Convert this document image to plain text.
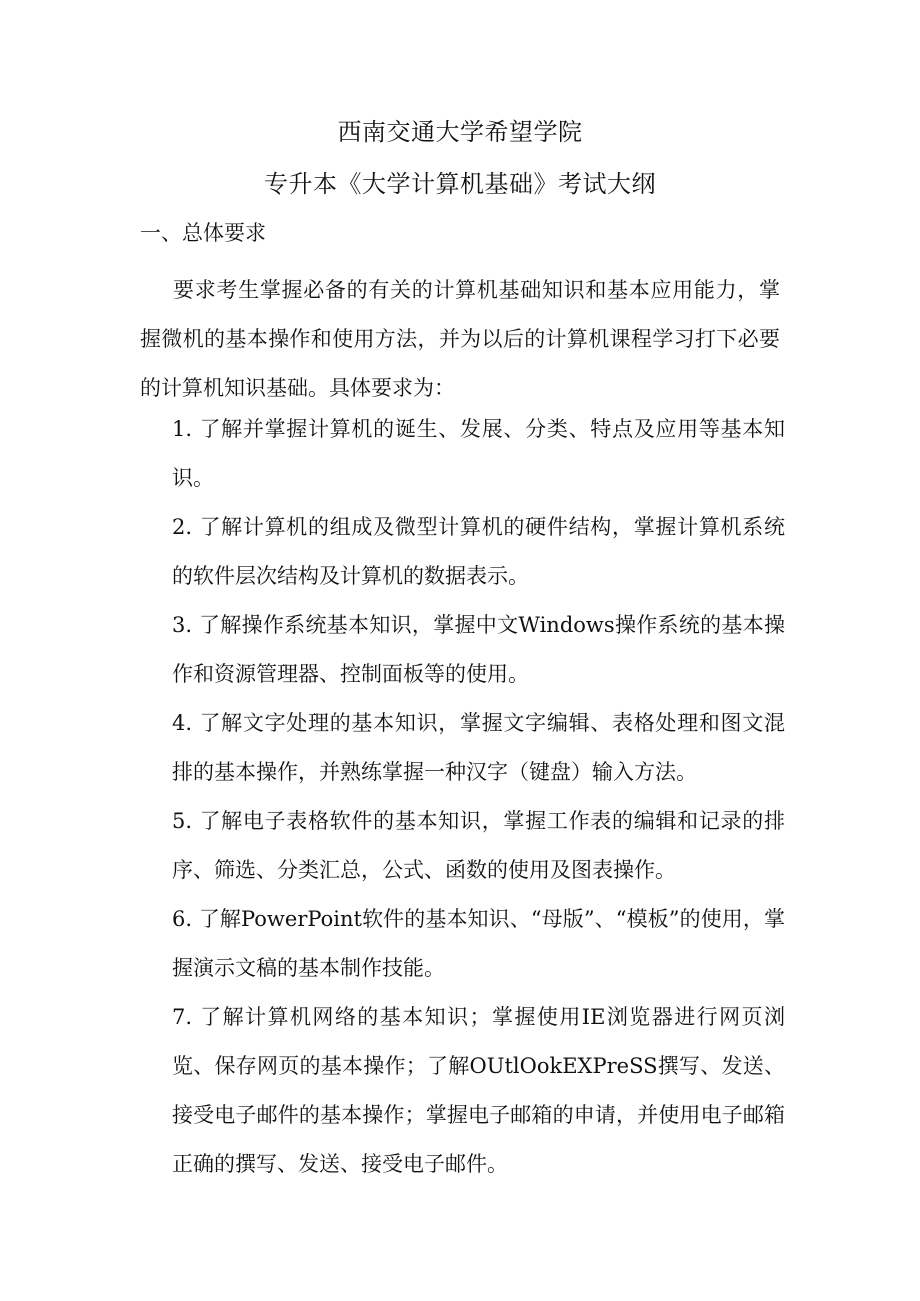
西南交通大学希望学院
专升本《大学计算机基础》考试大纲
一、总体要求

要求考生掌握必备的有关的计算机基础知识和基本应用能力，掌握微机的基本操作和使用方法，并为以后的计算机课程学习打下必要的计算机知识基础。具体要求为：

1. 了解并掌握计算机的诞生、发展、分类、特点及应用等基本知识。
2. 了解计算机的组成及微型计算机的硬件结构，掌握计算机系统的软件层次结构及计算机的数据表示。
3. 了解操作系统基本知识，掌握中文Windows操作系统的基本操作和资源管理器、控制面板等的使用。
4. 了解文字处理的基本知识，掌握文字编辑、表格处理和图文混排的基本操作，并熟练掌握一种汉字（键盘）输入方法。
5. 了解电子表格软件的基本知识，掌握工作表的编辑和记录的排序、筛选、分类汇总，公式、函数的使用及图表操作。
6. 了解PowerPoint软件的基本知识、“母版”、“模板”的使用，掌握演示文稿的基本制作技能。
7. 了解计算机网络的基本知识；掌握使用IE浏览器进行网页浏览、保存网页的基本操作；了解OUtlOokEXPreSS撰写、发送、接受电子邮件的基本操作；掌握电子邮箱的申请，并使用电子邮箱正确的撰写、发送、接受电子邮件。
